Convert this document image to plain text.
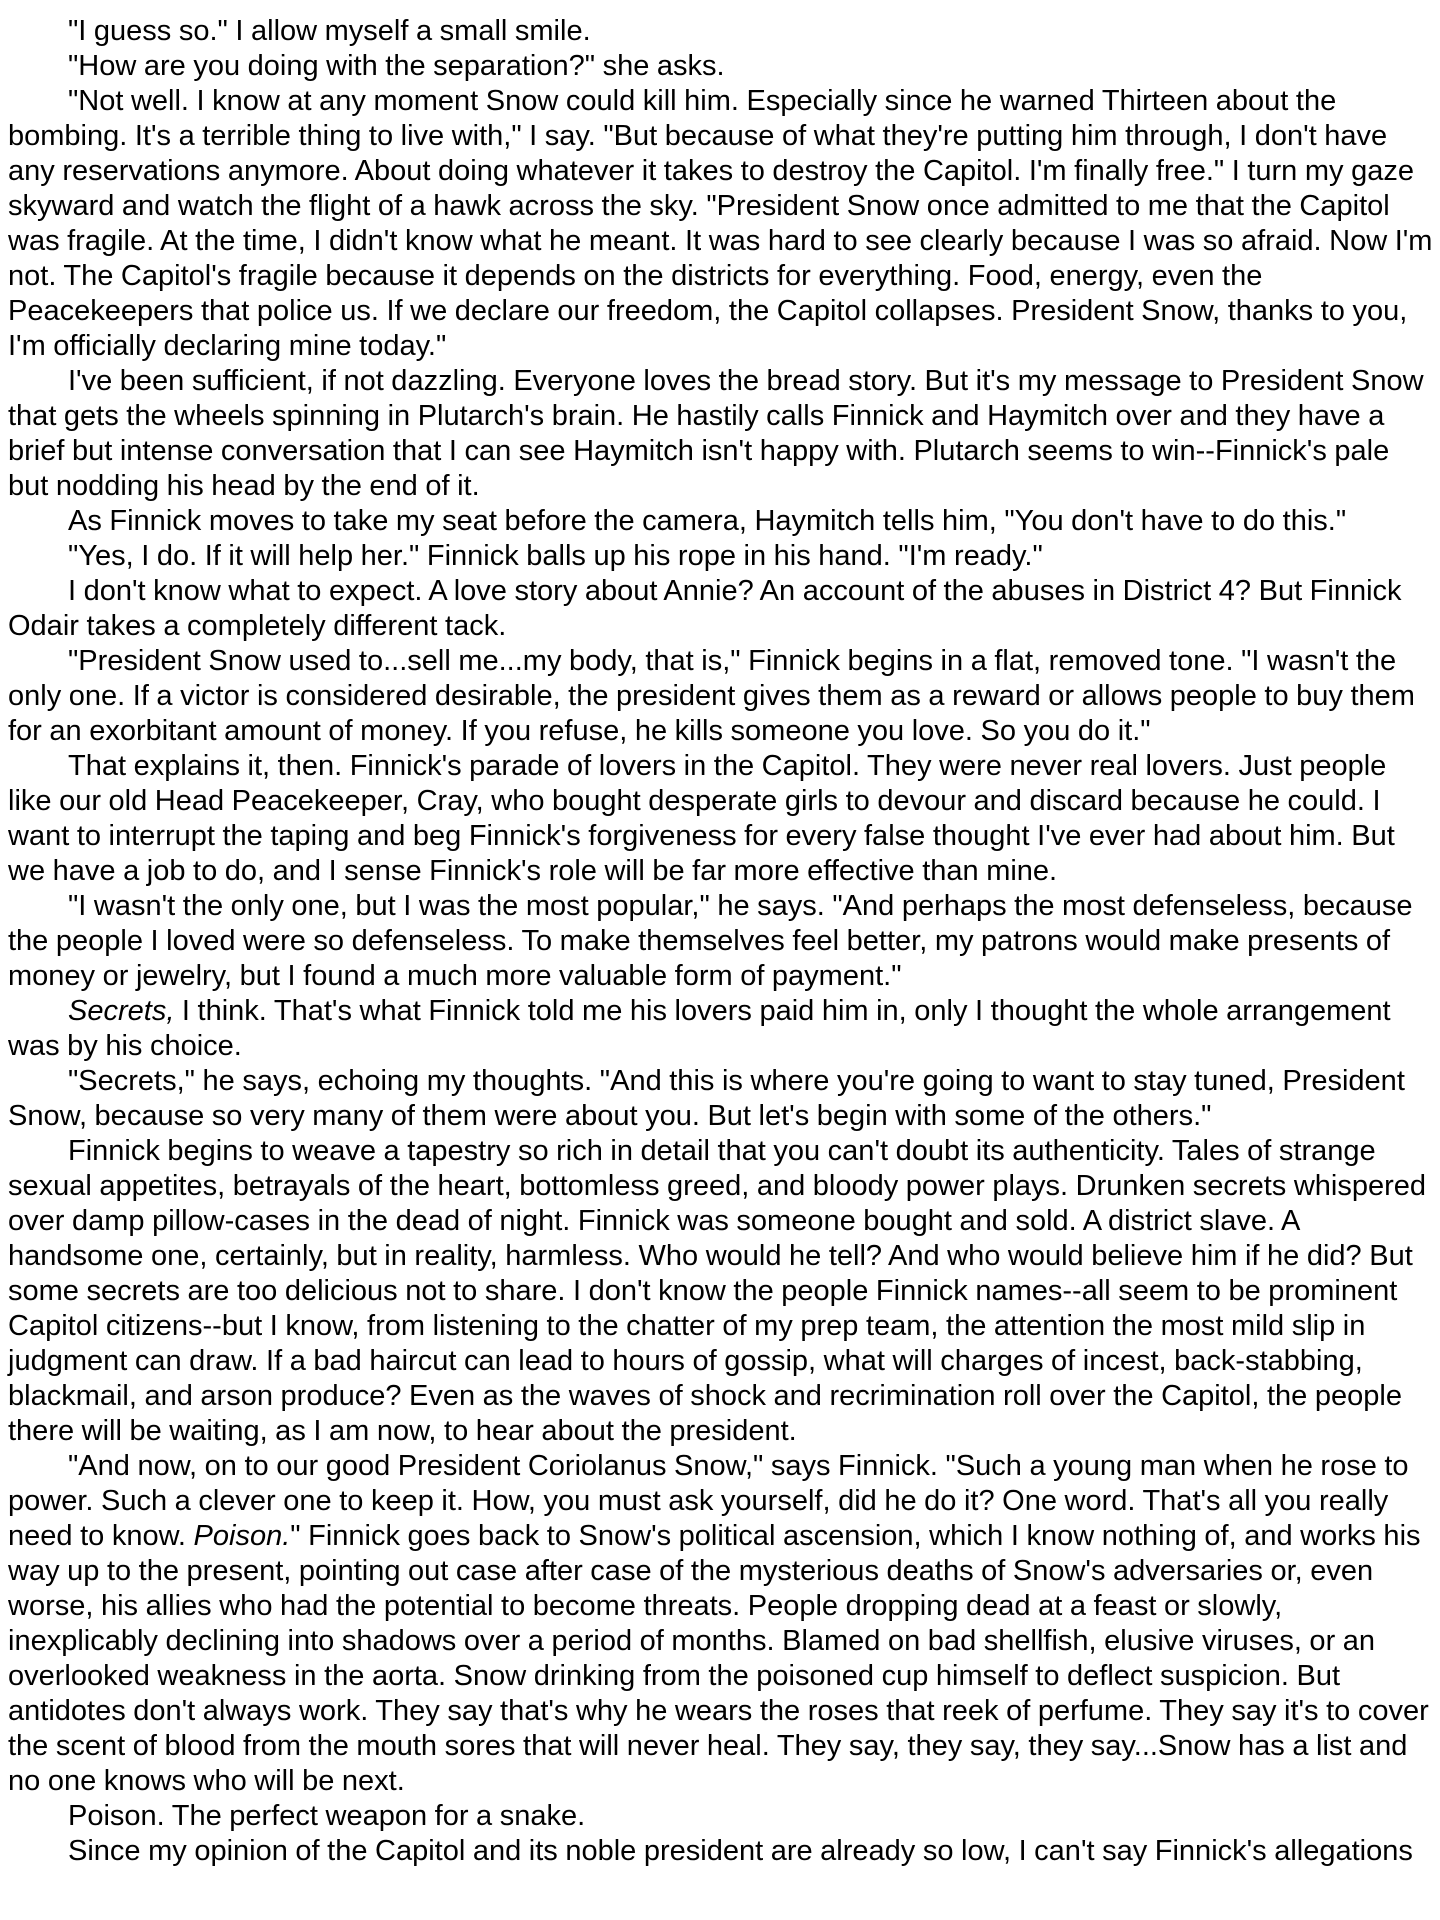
"I guess so." I allow myself a small smile.

"How are you doing with the separation?" she asks.

"Not well. I know at any moment Snow could kill him. Especially since he warned Thirteen about the bombing. It's a terrible thing to live with," I say. "But because of what they're putting him through, I don't have any reservations anymore. About doing whatever it takes to destroy the Capitol. I'm finally free." I turn my gaze skyward and watch the flight of a hawk across the sky. "President Snow once admitted to me that the Capitol was fragile. At the time, I didn't know what he meant. It was hard to see clearly because I was so afraid. Now I'm not. The Capitol's fragile because it depends on the districts for everything. Food, energy, even the Peacekeepers that police us. If we declare our freedom, the Capitol collapses. President Snow, thanks to you, I'm officially declaring mine today."

I've been sufficient, if not dazzling. Everyone loves the bread story. But it's my message to President Snow that gets the wheels spinning in Plutarch's brain. He hastily calls Finnick and Haymitch over and they have a brief but intense conversation that I can see Haymitch isn't happy with. Plutarch seems to win--Finnick's pale but nodding his head by the end of it.

As Finnick moves to take my seat before the camera, Haymitch tells him, "You don't have to do this."

"Yes, I do. If it will help her." Finnick balls up his rope in his hand. "I'm ready."

I don't know what to expect. A love story about Annie? An account of the abuses in District 4? But Finnick Odair takes a completely different tack.

"President Snow used to...sell me...my body, that is," Finnick begins in a flat, removed tone. "I wasn't the only one. If a victor is considered desirable, the president gives them as a reward or allows people to buy them for an exorbitant amount of money. If you refuse, he kills someone you love. So you do it."

That explains it, then. Finnick's parade of lovers in the Capitol. They were never real lovers. Just people like our old Head Peacekeeper, Cray, who bought desperate girls to devour and discard because he could. I want to interrupt the taping and beg Finnick's forgiveness for every false thought I've ever had about him. But we have a job to do, and I sense Finnick's role will be far more effective than mine.

"I wasn't the only one, but I was the most popular," he says. "And perhaps the most defenseless, because the people I loved were so defenseless. To make themselves feel better, my patrons would make presents of money or jewelry, but I found a much more valuable form of payment."

Secrets, I think. That's what Finnick told me his lovers paid him in, only I thought the whole arrangement was by his choice.

"Secrets," he says, echoing my thoughts. "And this is where you're going to want to stay tuned, President Snow, because so very many of them were about you. But let's begin with some of the others."

Finnick begins to weave a tapestry so rich in detail that you can't doubt its authenticity. Tales of strange sexual appetites, betrayals of the heart, bottomless greed, and bloody power plays. Drunken secrets whispered over damp pillow-cases in the dead of night. Finnick was someone bought and sold. A district slave. A handsome one, certainly, but in reality, harmless. Who would he tell? And who would believe him if he did? But some secrets are too delicious not to share. I don't know the people Finnick names--all seem to be prominent Capitol citizens--but I know, from listening to the chatter of my prep team, the attention the most mild slip in judgment can draw. If a bad haircut can lead to hours of gossip, what will charges of incest, back-stabbing, blackmail, and arson produce? Even as the waves of shock and recrimination roll over the Capitol, the people there will be waiting, as I am now, to hear about the president.

"And now, on to our good President Coriolanus Snow," says Finnick. "Such a young man when he rose to power. Such a clever one to keep it. How, you must ask yourself, did he do it? One word. That's all you really need to know. Poison." Finnick goes back to Snow's political ascension, which I know nothing of, and works his way up to the present, pointing out case after case of the mysterious deaths of Snow's adversaries or, even worse, his allies who had the potential to become threats. People dropping dead at a feast or slowly, inexplicably declining into shadows over a period of months. Blamed on bad shellfish, elusive viruses, or an overlooked weakness in the aorta. Snow drinking from the poisoned cup himself to deflect suspicion. But antidotes don't always work. They say that's why he wears the roses that reek of perfume. They say it's to cover the scent of blood from the mouth sores that will never heal. They say, they say, they say...Snow has a list and no one knows who will be next.

Poison. The perfect weapon for a snake.

Since my opinion of the Capitol and its noble president are already so low, I can't say Finnick's allegations
